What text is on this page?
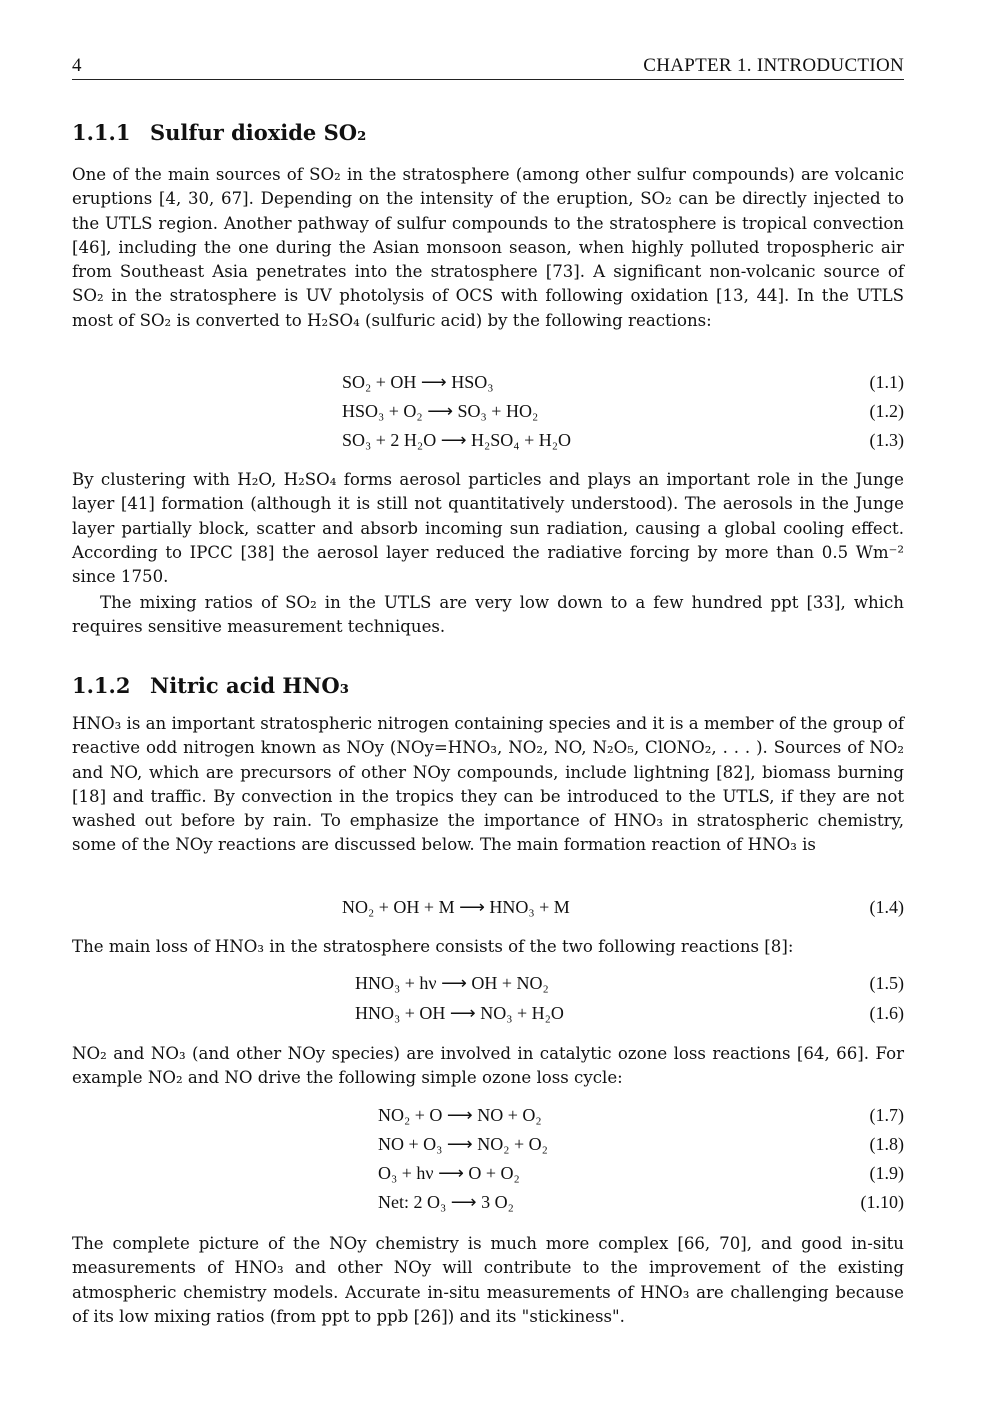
4	CHAPTER 1. INTRODUCTION
1.1.1 Sulfur dioxide SO₂
One of the main sources of SO₂ in the stratosphere (among other sulfur compounds) are volcanic eruptions [4, 30, 67]. Depending on the intensity of the eruption, SO₂ can be directly injected to the UTLS region. Another pathway of sulfur compounds to the stratosphere is tropical convection [46], including the one during the Asian monsoon season, when highly polluted tropospheric air from Southeast Asia penetrates into the stratosphere [73]. A significant non-volcanic source of SO₂ in the stratosphere is UV photolysis of OCS with following oxidation [13, 44]. In the UTLS most of SO₂ is converted to H₂SO₄ (sulfuric acid) by the following reactions:
SO₂ + OH ⟶ HSO₃	(1.1)
HSO₃ + O₂ ⟶ SO₃ + HO₂	(1.2)
SO₃ + 2 H₂O ⟶ H₂SO₄ + H₂O	(1.3)
By clustering with H₂O, H₂SO₄ forms aerosol particles and plays an important role in the Junge layer [41] formation (although it is still not quantitatively understood). The aerosols in the Junge layer partially block, scatter and absorb incoming sun radiation, causing a global cooling effect. According to IPCC [38] the aerosol layer reduced the radiative forcing by more than 0.5 Wm⁻² since 1750.
The mixing ratios of SO₂ in the UTLS are very low down to a few hundred ppt [33], which requires sensitive measurement techniques.
1.1.2 Nitric acid HNO₃
HNO₃ is an important stratospheric nitrogen containing species and it is a member of the group of reactive odd nitrogen known as NOy (NOy=HNO₃, NO₂, NO, N₂O₅, ClONO₂, . . . ). Sources of NO₂ and NO, which are precursors of other NOy compounds, include lightning [82], biomass burning [18] and traffic. By convection in the tropics they can be introduced to the UTLS, if they are not washed out before by rain. To emphasize the importance of HNO₃ in stratospheric chemistry, some of the NOy reactions are discussed below. The main formation reaction of HNO₃ is
NO₂ + OH + M ⟶ HNO₃ + M	(1.4)
The main loss of HNO₃ in the stratosphere consists of the two following reactions [8]:
HNO₃ + hν ⟶ OH + NO₂	(1.5)
HNO₃ + OH ⟶ NO₃ + H₂O	(1.6)
NO₂ and NO₃ (and other NOy species) are involved in catalytic ozone loss reactions [64, 66]. For example NO₂ and NO drive the following simple ozone loss cycle:
NO₂ + O ⟶ NO + O₂	(1.7)
NO + O₃ ⟶ NO₂ + O₂	(1.8)
O₃ + hν ⟶ O + O₂	(1.9)
Net: 2 O₃ ⟶ 3 O₂	(1.10)
The complete picture of the NOy chemistry is much more complex [66, 70], and good in-situ measurements of HNO₃ and other NOy will contribute to the improvement of the existing atmospheric chemistry models. Accurate in-situ measurements of HNO₃ are challenging because of its low mixing ratios (from ppt to ppb [26]) and its "stickiness".
